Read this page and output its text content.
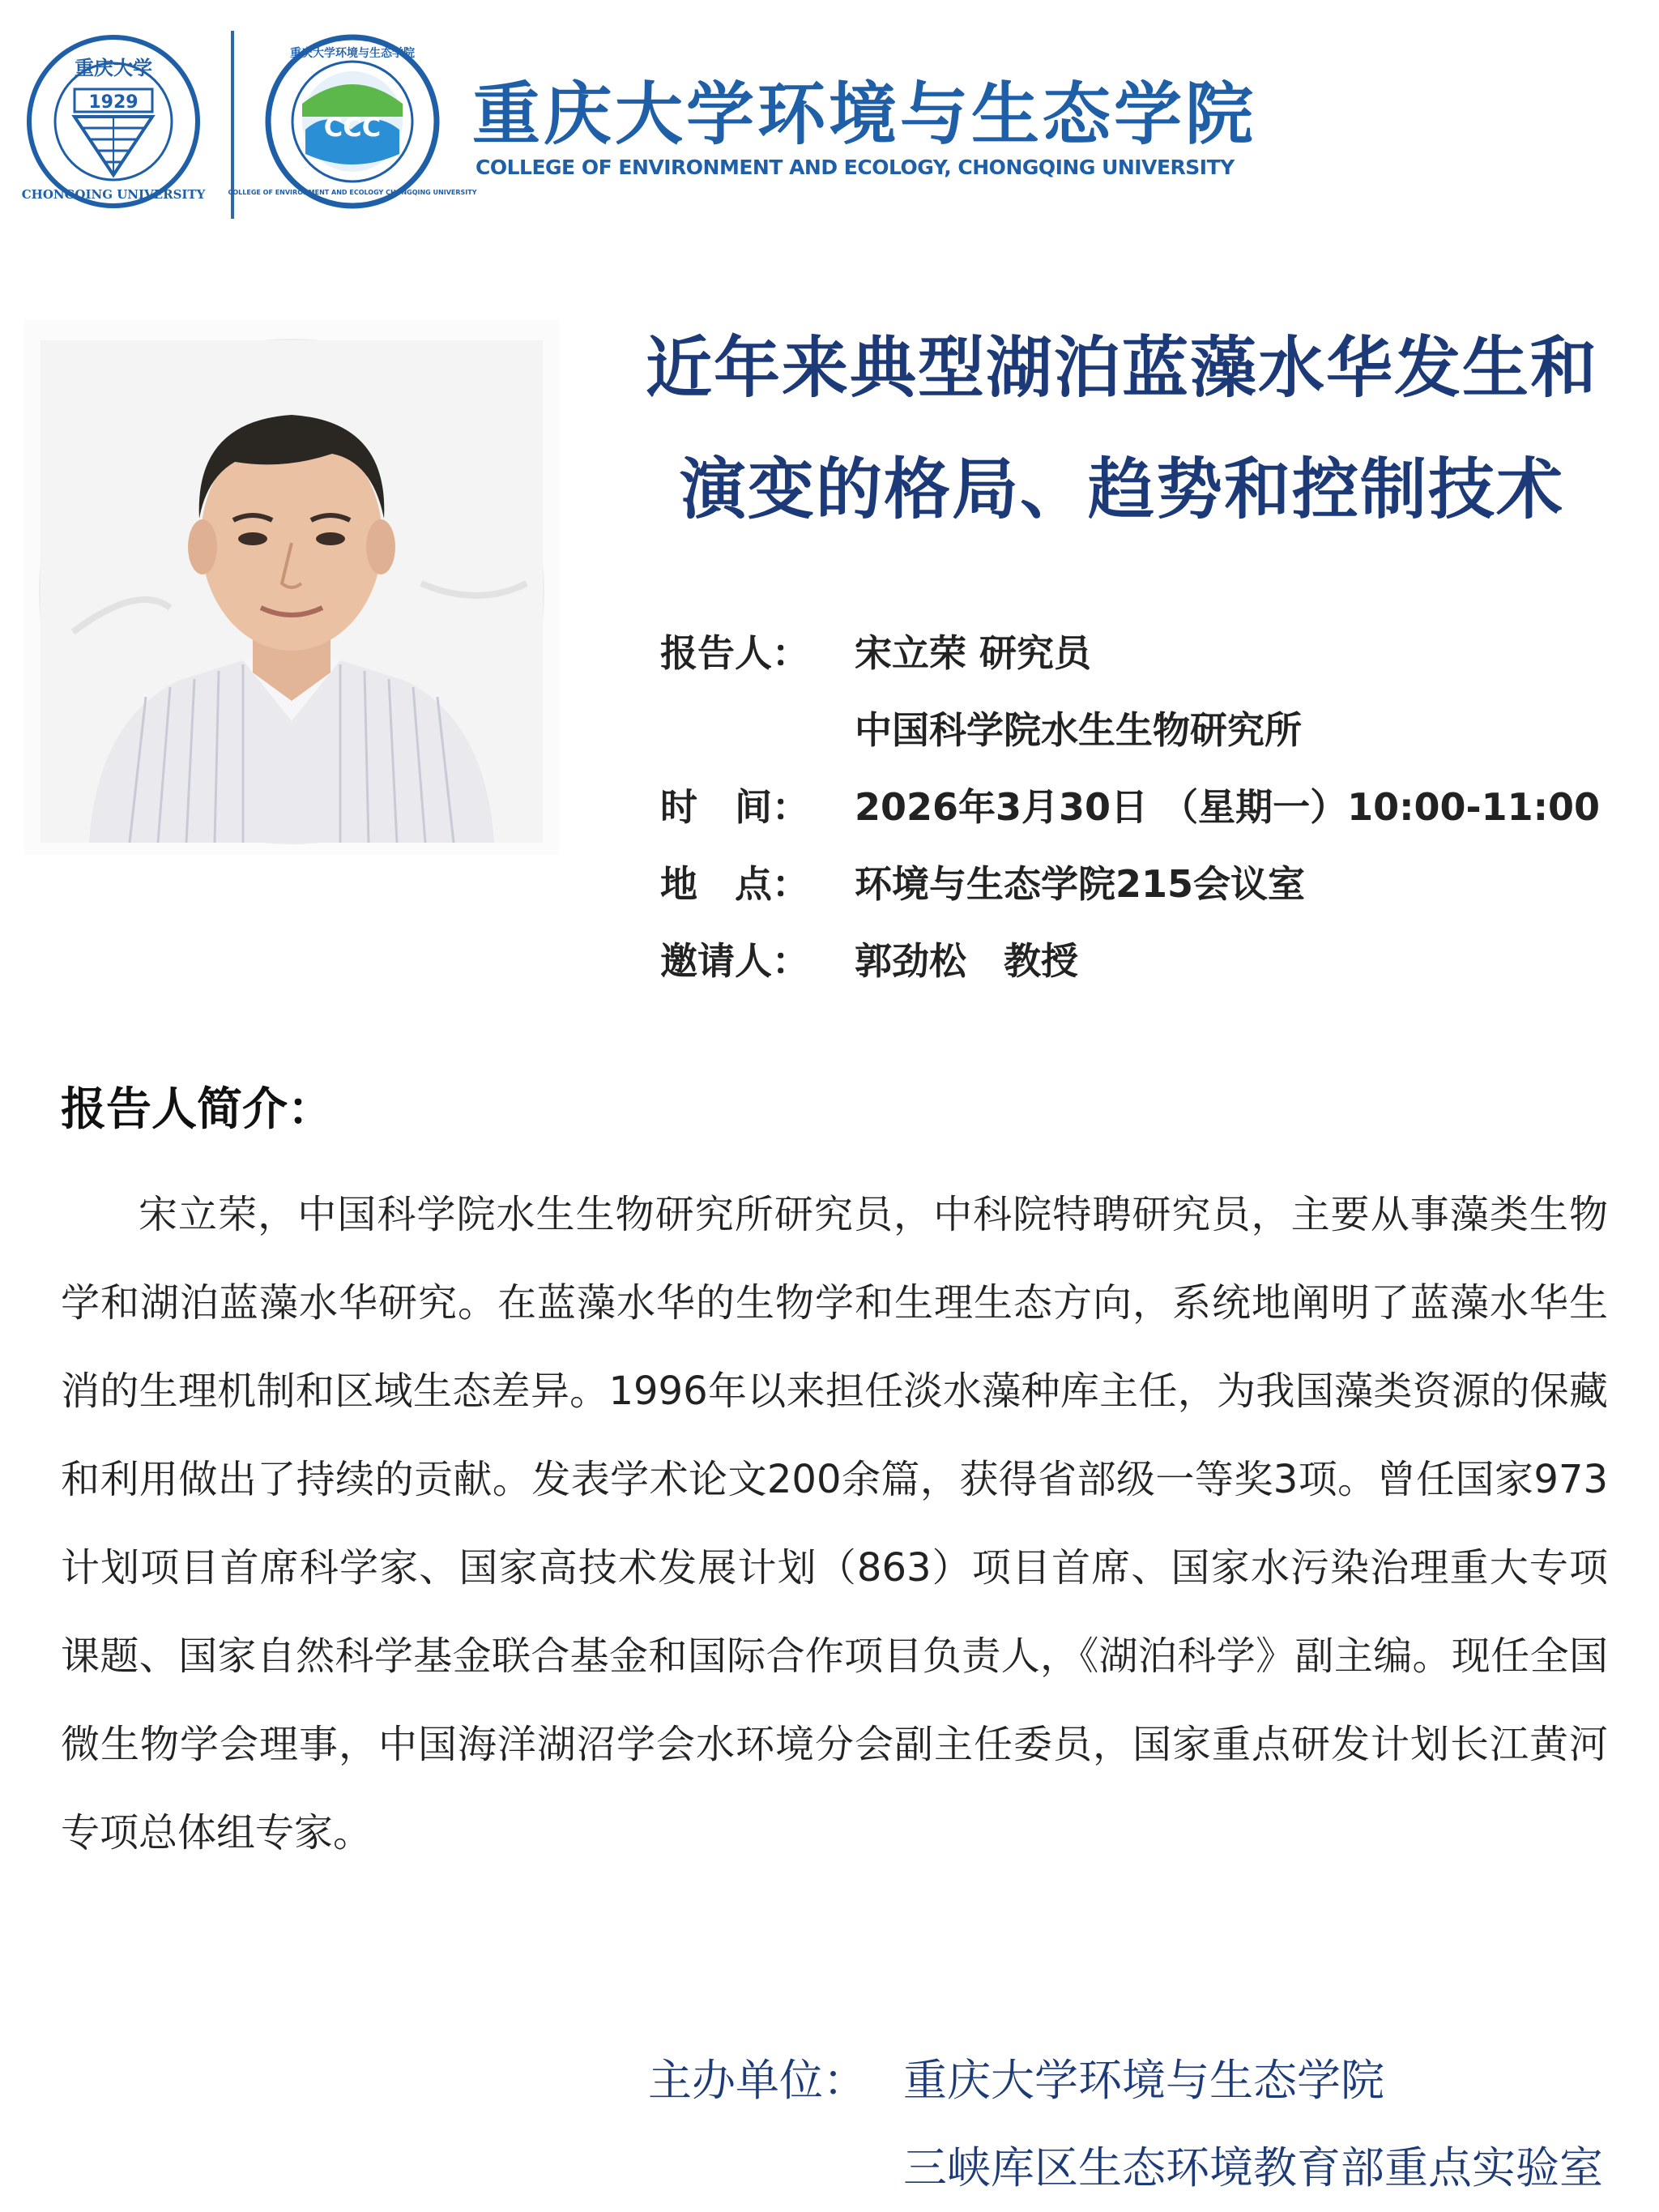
重庆大学
1929
CHONGQING UNIVERSITY
重庆大学环境与生态学院
CCC
COLLEGE OF ENVIRONMENT AND ECOLOGY CHONGQING UNIVERSITY
重庆大学环境与生态学院
COLLEGE OF ENVIRONMENT AND ECOLOGY, CHONGQING UNIVERSITY
近年来典型湖泊蓝藻水华发生和
演变的格局、趋势和控制技术
报告人： 宋立荣 研究员
中国科学院水生生物研究所
时　间： 2026年3月30日 （星期一）10:00-11:00
地　点： 环境与生态学院215会议室
邀请人： 郭劲松　教授
报告人简介：
宋立荣，中国科学院水生生物研究所研究员，中科院特聘研究员，主要从事藻类生物学和湖泊蓝藻水华研究。在蓝藻水华的生物学和生理生态方向，系统地阐明了蓝藻水华生消的生理机制和区域生态差异。1996年以来担任淡水藻种库主任，为我国藻类资源的保藏和利用做出了持续的贡献。发表学术论文200余篇，获得省部级一等奖3项。曾任国家973计划项目首席科学家、国家高技术发展计划（863）项目首席、国家水污染治理重大专项课题、国家自然科学基金联合基金和国际合作项目负责人，《湖泊科学》副主编。现任全国微生物学会理事，中国海洋湖沼学会水环境分会副主任委员，国家重点研发计划长江黄河专项总体组专家。
主办单位： 重庆大学环境与生态学院
三峡库区生态环境教育部重点实验室
